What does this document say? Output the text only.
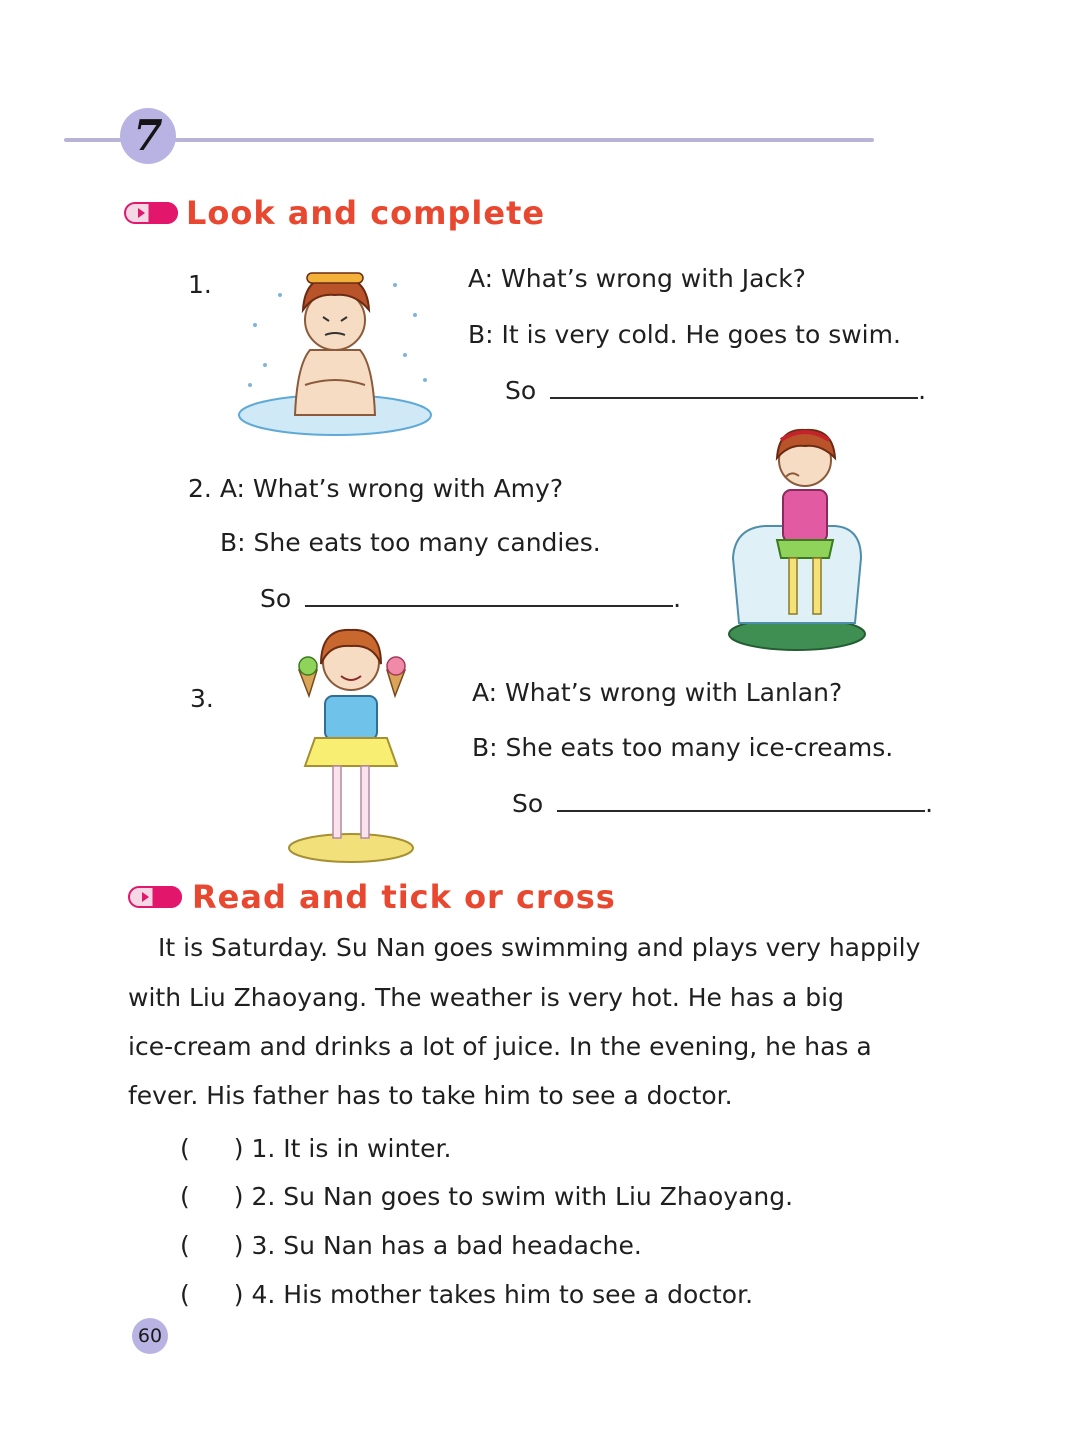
7
Look and complete
1.	A: What’s wrong with Jack?
B: It is very cold. He goes to swim.
So	.
2. A: What’s wrong with Amy?
B: She eats too many candies.
So	.
3.	A: What’s wrong with Lanlan?
B: She eats too many ice-creams.
So	.
Read and tick or cross
It is Saturday. Su Nan goes swimming and plays very happily
with Liu Zhaoyang. The weather is very hot. He has a big
ice-cream and drinks a lot of juice. In the evening, he has a
fever. His father has to take him to see a doctor.
( ) 1. It is in winter.
( ) 2. Su Nan goes to swim with Liu Zhaoyang.
( ) 3. Su Nan has a bad headache.
( ) 4. His mother takes him to see a doctor.
60
